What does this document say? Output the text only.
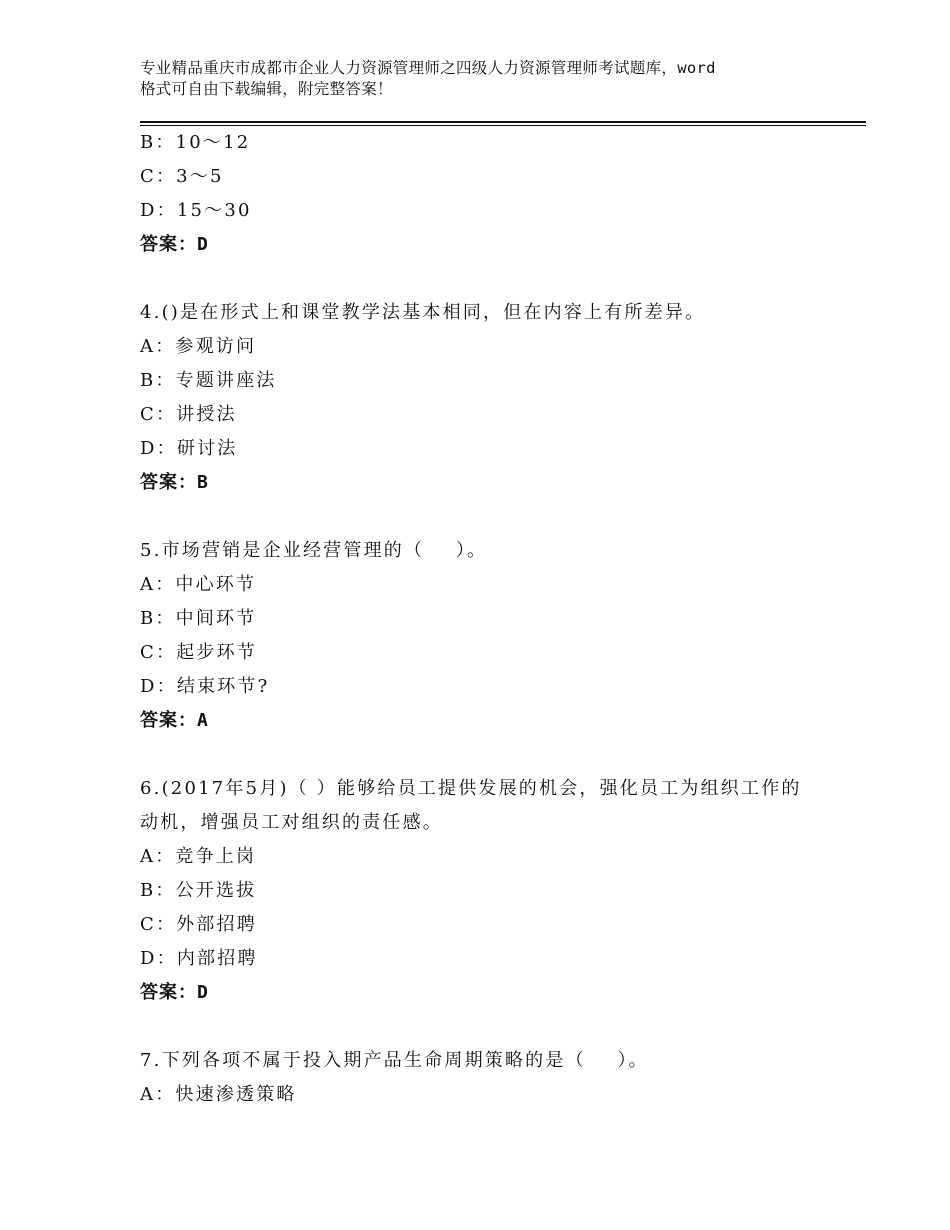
专业精品重庆市成都市企业人力资源管理师之四级人力资源管理师考试题库，word
格式可自由下载编辑，附完整答案！
B：10～12
C：3～5
D：15～30
答案：D
4.()是在形式上和课堂教学法基本相同，但在内容上有所差异。
A：参观访问
B：专题讲座法
C：讲授法
D：研讨法
答案：B
5.市场营销是企业经营管理的（    ）。
A：中心环节
B：中间环节
C：起步环节
D：结束环节?
答案：A
6.(2017年5月)（ ）能够给员工提供发展的机会，强化员工为组织工作的动机，增强员工对组织的责任感。
A：竞争上岗
B：公开选拔
C：外部招聘
D：内部招聘
答案：D
7.下列各项不属于投入期产品生命周期策略的是（    ）。
A：快速渗透策略
